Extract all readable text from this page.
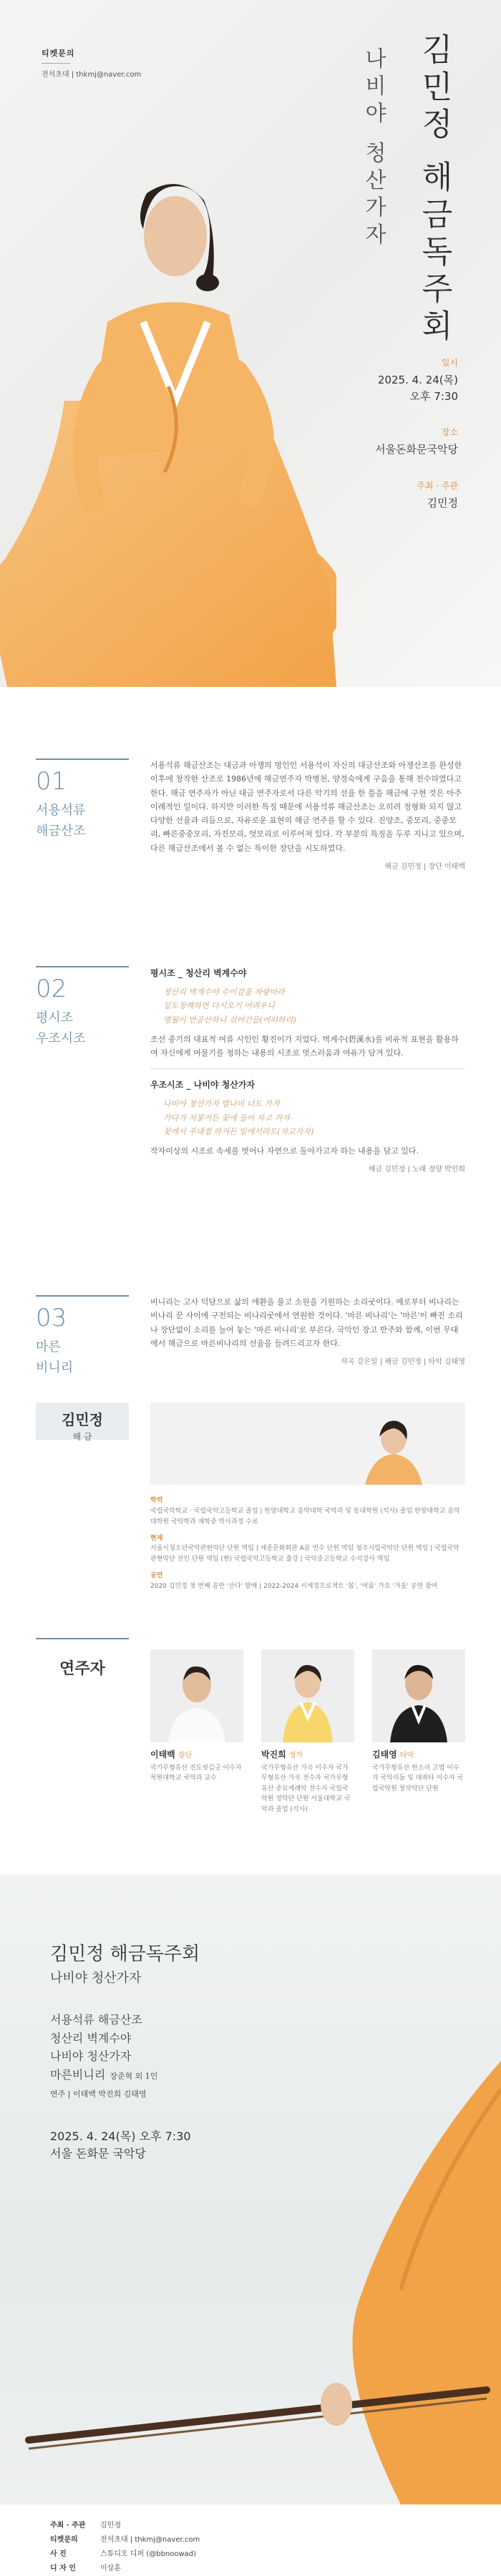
티켓문의
전석초대 | thkmj@naver.com	김민정 해금독주회
나비야 청산가자
일시
2025. 4. 24(목)
오후 7:30
장소
서울돈화문국악당
주최 · 주관
김민정
01
서용석류
해금산조
서용석류 해금산조는 대금과 아쟁의 명인인 서용석이 자신의 대금산조와 아쟁산조를 완성한 이후에 창작한 산조로 1986년에 해금연주자 박병천, 양경숙에게 구음을 통해 전수하였다고 한다. 해금 연주자가 아닌 대금 연주자로서 다른 악기의 선율 한 틀을 해금에 구현 것은 아주 이례적인 일이다. 하지만 이러한 특징 때문에 서용석류 해금산조는 오히려 정형화 되지 않고 다양한 선율과 리듬으로, 자유로운 표현의 해금 연주를 할 수 있다. 진양조, 중모리, 중중모리, 빠른중중모리, 자진모리, 엇모리로 이루어져 있다. 각 부분의 특징을 두루 지니고 있으며, 다른 해금산조에서 볼 수 없는 특이한 장단을 시도하였다.
해금 김민정 | 장단 이태백
02
평시조
우조시조
평시조 _ 청산리 벽계수야
청산리 벽계수야 수이감을 자랑마라
일도창해하면 다시오기 어려우니
명월이 만공산하니 쉬어간들(어떠하리)
조선 중기의 대표적 여류 시인인 황진이가 지었다. 벽계수(碧溪水)를 비유적 표현을 활용하여 자신에게 머물기를 청하는 내용의 시조로 멋스러움과 여유가 담겨 있다.
우조시조 _ 나비야 청산가자
나비야 청산가자 범나비 너도 가자
가다가 저물거든 꽃에 들어 자고 가자
꽃에서 푸대접 하거든 잎에서라도(자고가자)
작자미상의 시조로 속세를 벗어나 자연으로 돌아가고자 하는 내용을 담고 있다.
해금 김민정 | 노래 정양 박민희
03
마른
비니리
비니리는 고사 덕담으로 삶의 애환을 풀고 소원을 기원하는 소리굿이다. 예로부터 비나리는 비나리 꾼 사이에 구전되는 비나리굿에서 연원한 것이다. '마른 비나리'는 '마른'이 빠진 소리나 장단없이 소리를 늘어 놓는 '마른 비니리'로 부른다. 국악인 장고 반주와 함께, 이번 무대에서 해금으로 마른비나리의 선율을 들려드리고자 한다.
작곡 강은일 | 해금 김민정 | 타악 김태영
김민정
해 금
학력
국립국악학교 · 국립국악고등학교 졸업 | 한양대학교 음악대학 국악과 및 동대학원 (석사) 졸업 한양대학교 음악대학원 국악학과 재학중 박사과정 수료
현재
서울시청소년국악관현악단 단원 역임 | 세종문화회관 A분 연수 단원 역임 청주시립국악단 단원 역임 | 국립국악관현악단 전인 단원 역임 (현) 국립국악고등학교 출강 | 국악중고등학교 수석강사 역임
공연
2020 김민정 첫 번째 음반 '산다' 발매 | 2022-2024 서계정프로젝트 '봄', '여름' 가요 '겨울' 공연 참여
연주자
이태백 장단
국가무형유산 진도씻김굿 이수자 목원대학교 국악과 교수
박진희 정가
국가무형유산 가곡 이수자 국가무형유산 가곡 전수자 국가무형유산 종묘제례악 전수자 국립국악원 정악단 단원 서울대학교 국악과 졸업 (석사)
김태영 타악
국가무형유산 한소리 고법 이수자 국악리듬 및 대취타 이수자 국립국악원 창작악단 단원
김민정 해금독주회
나비야 청산가자
서용석류 해금산조
청산리 벽계수야
나비야 청산가자
마른비니리 장준혁 외 1인
연주 | 이태백 박진희 김태영
2025. 4. 24(목) 오후 7:30
서울 돈화문 국악당
주최 · 주관 김민정
티켓문의	전석초대 | thkmj@naver.com
사 진	스튜디오 디퍼 (@bbnoowad)
디 자 인	이상훈
